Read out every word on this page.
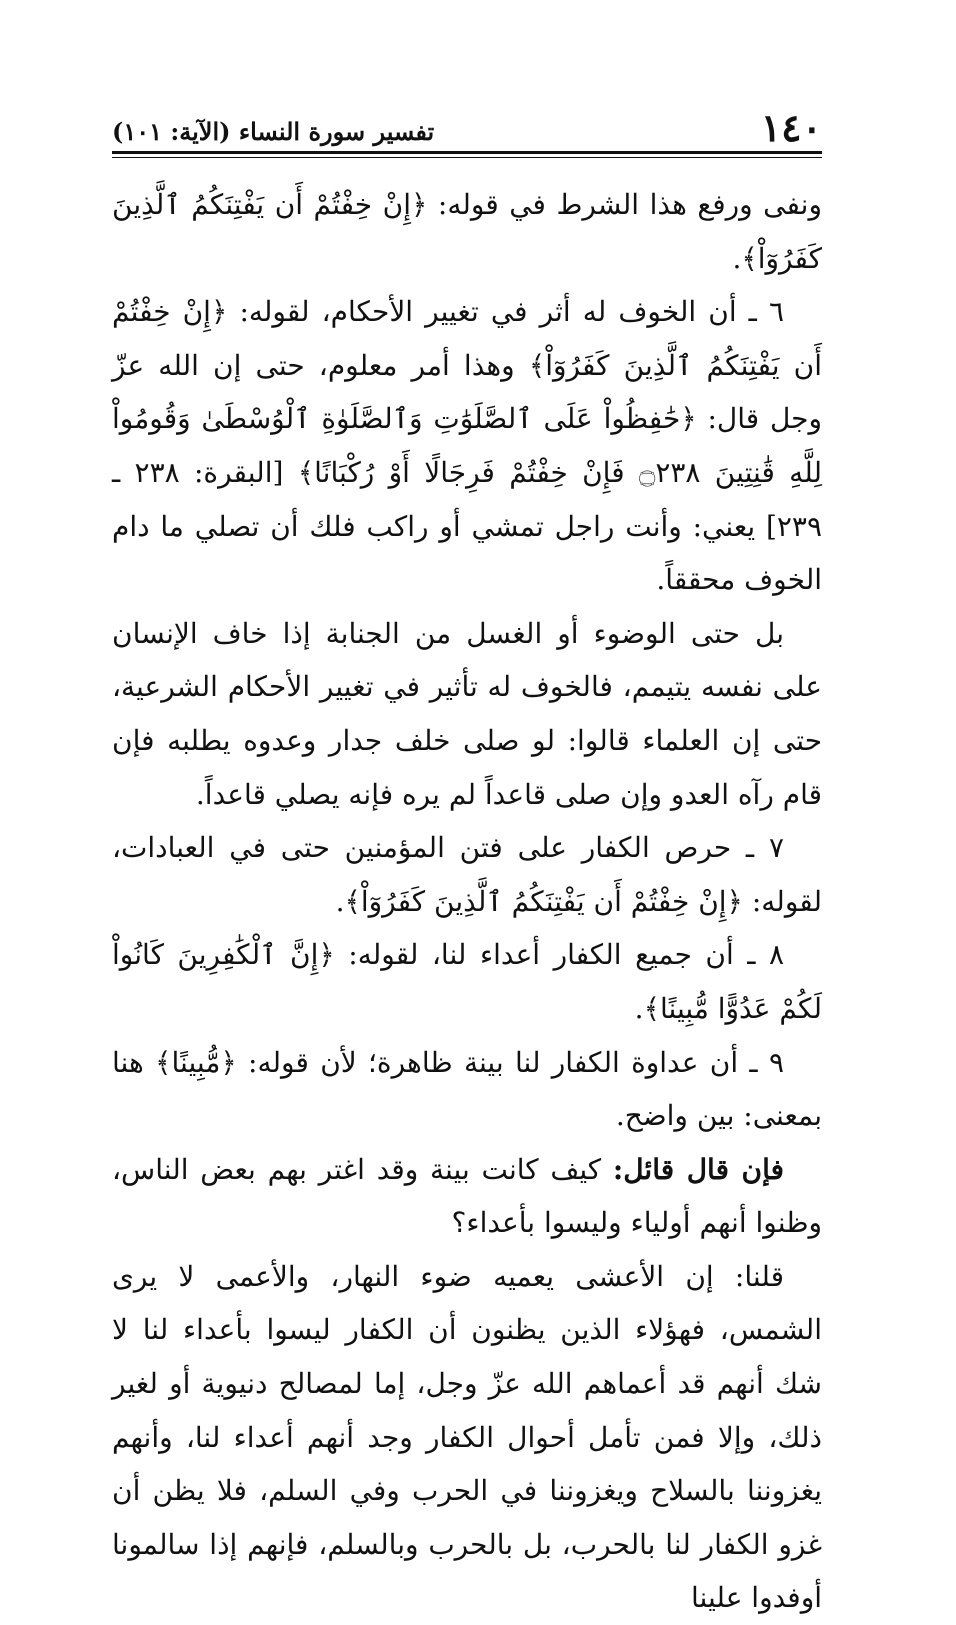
١٤٠
تفسير سورة النساء (الآية: ١٠١)

ونفى ورفع هذا الشرط في قوله: ﴿إِنْ خِفْتُمْ أَن يَفْتِنَكُمُ ٱلَّذِينَ كَفَرُوٓاْ﴾.

٦ ـ أن الخوف له أثر في تغيير الأحكام، لقوله: ﴿إِنْ خِفْتُمْ أَن يَفْتِنَكُمُ ٱلَّذِينَ كَفَرُوٓاْ﴾ وهذا أمر معلوم، حتى إن الله عزّ وجل قال: ﴿حَٰفِظُواْ عَلَى ٱلصَّلَوَٰتِ وَٱلصَّلَوٰةِ ٱلْوُسْطَىٰ وَقُومُواْ لِلَّهِ قَٰنِتِينَ ۝٢٣٨ فَإِنْ خِفْتُمْ فَرِجَالًا أَوْ رُكْبَانًا﴾ [البقرة: ٢٣٨ ـ ٢٣٩] يعني: وأنت راجل تمشي أو راكب فلك أن تصلي ما دام الخوف محققاً.

بل حتى الوضوء أو الغسل من الجنابة إذا خاف الإنسان على نفسه يتيمم، فالخوف له تأثير في تغيير الأحكام الشرعية، حتى إن العلماء قالوا: لو صلى خلف جدار وعدوه يطلبه فإن قام رآه العدو وإن صلى قاعداً لم يره فإنه يصلي قاعداً.

٧ ـ حرص الكفار على فتن المؤمنين حتى في العبادات، لقوله: ﴿إِنْ خِفْتُمْ أَن يَفْتِنَكُمُ ٱلَّذِينَ كَفَرُوٓاْ﴾.

٨ ـ أن جميع الكفار أعداء لنا، لقوله: ﴿إِنَّ ٱلْكَٰفِرِينَ كَانُواْ لَكُمْ عَدُوًّا مُّبِينًا﴾.

٩ ـ أن عداوة الكفار لنا بينة ظاهرة؛ لأن قوله: ﴿مُّبِينًا﴾ هنا بمعنى: بين واضح.

فإن قال قائل: كيف كانت بينة وقد اغتر بهم بعض الناس، وظنوا أنهم أولياء وليسوا بأعداء؟

قلنا: إن الأعشى يعميه ضوء النهار، والأعمى لا يرى الشمس، فهؤلاء الذين يظنون أن الكفار ليسوا بأعداء لنا لا شك أنهم قد أعماهم الله عزّ وجل، إما لمصالح دنيوية أو لغير ذلك، وإلا فمن تأمل أحوال الكفار وجد أنهم أعداء لنا، وأنهم يغزوننا بالسلاح ويغزوننا في الحرب وفي السلم، فلا يظن أن غزو الكفار لنا بالحرب، بل بالحرب وبالسلم، فإنهم إذا سالمونا أوفدوا علينا
